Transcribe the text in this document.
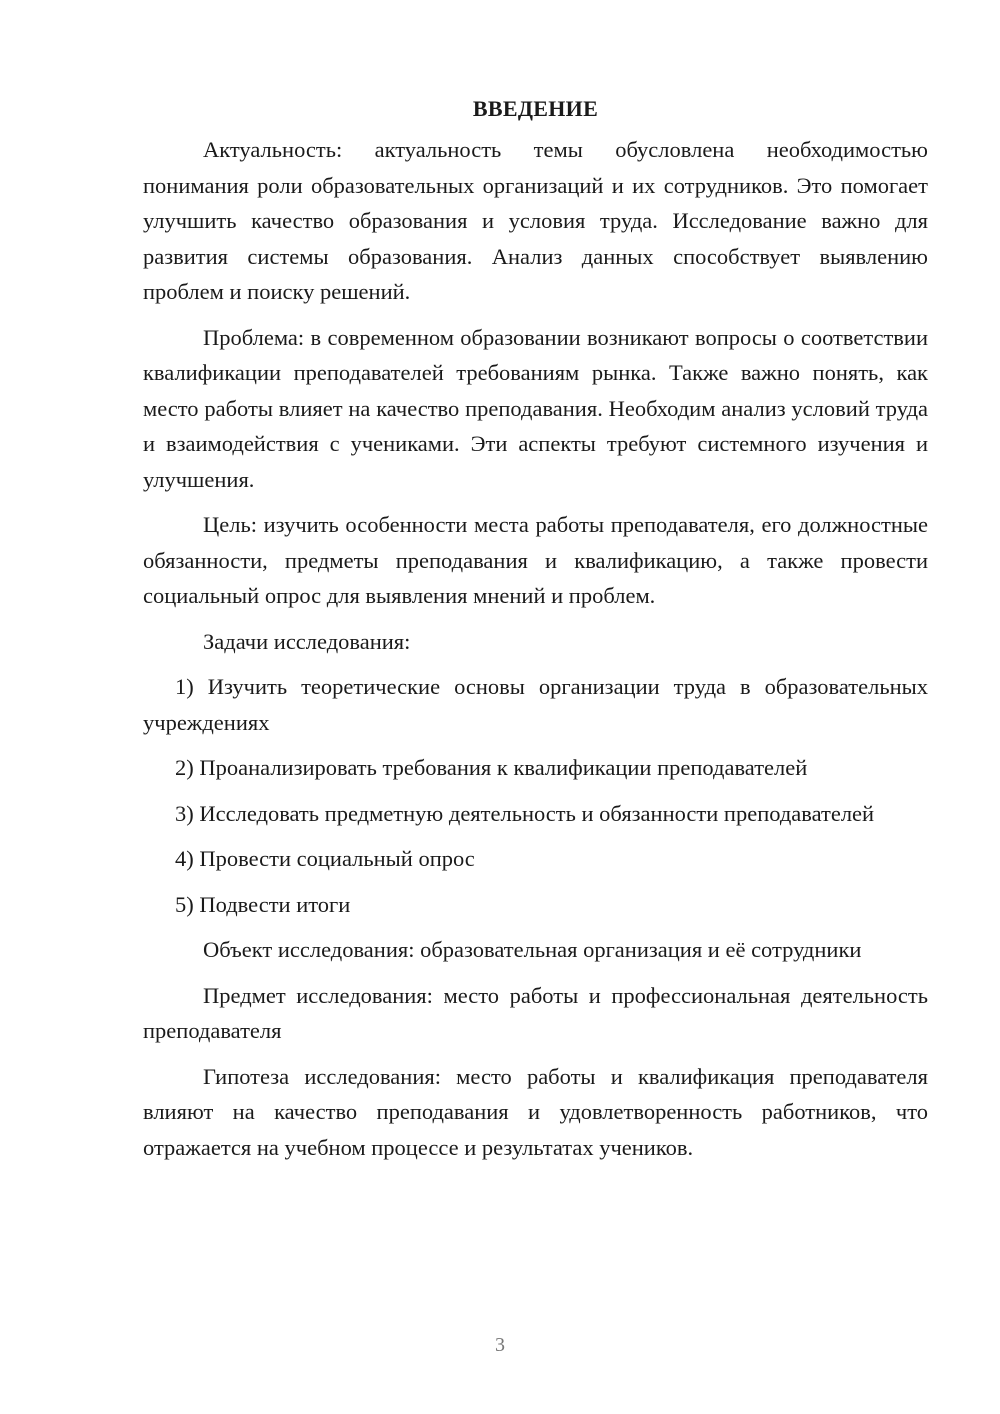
ВВЕДЕНИЕ

Актуальность: актуальность темы обусловлена необходимостью понимания роли образовательных организаций и их сотрудников. Это помогает улучшить качество образования и условия труда. Исследование важно для развития системы образования. Анализ данных способствует выявлению проблем и поиску решений.

Проблема: в современном образовании возникают вопросы о соответствии квалификации преподавателей требованиям рынка. Также важно понять, как место работы влияет на качество преподавания. Необходим анализ условий труда и взаимодействия с учениками. Эти аспекты требуют системного изучения и улучшения.

Цель: изучить особенности места работы преподавателя, его должностные обязанности, предметы преподавания и квалификацию, а также провести социальный опрос для выявления мнений и проблем.

Задачи исследования:

1) Изучить теоретические основы организации труда в образовательных учреждениях

2) Проанализировать требования к квалификации преподавателей

3) Исследовать предметную деятельность и обязанности преподавателей

4) Провести социальный опрос

5) Подвести итоги

Объект исследования: образовательная организация и её сотрудники

Предмет исследования: место работы и профессиональная деятельность преподавателя

Гипотеза исследования: место работы и квалификация преподавателя влияют на качество преподавания и удовлетворенность работников, что отражается на учебном процессе и результатах учеников.

3
